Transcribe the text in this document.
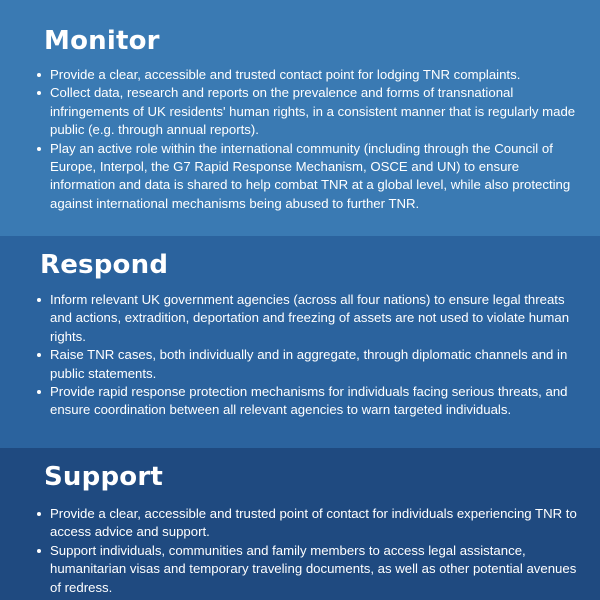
Monitor
Provide a clear, accessible and trusted contact point for lodging TNR complaints.
Collect data, research and reports on the prevalence and forms of transnational infringements of UK residents' human rights, in a consistent manner that is regularly made public (e.g. through annual reports).
Play an active role within the international community (including through the Council of Europe, Interpol, the G7 Rapid Response Mechanism, OSCE and UN) to ensure information and data is shared to help combat TNR at a global level, while also protecting against international mechanisms being abused to further TNR.
Respond
Inform relevant UK government agencies (across all four nations) to ensure legal threats and actions, extradition, deportation and freezing of assets are not used to violate human rights.
Raise TNR cases, both individually and in aggregate, through diplomatic channels and in public statements.
Provide rapid response protection mechanisms for individuals facing serious threats, and ensure coordination between all relevant agencies to warn targeted individuals.
Support
Provide a clear, accessible and trusted point of contact for individuals experiencing TNR to access advice and support.
Support individuals, communities and family members to access legal assistance, humanitarian visas and temporary traveling documents, as well as other potential avenues of redress.
